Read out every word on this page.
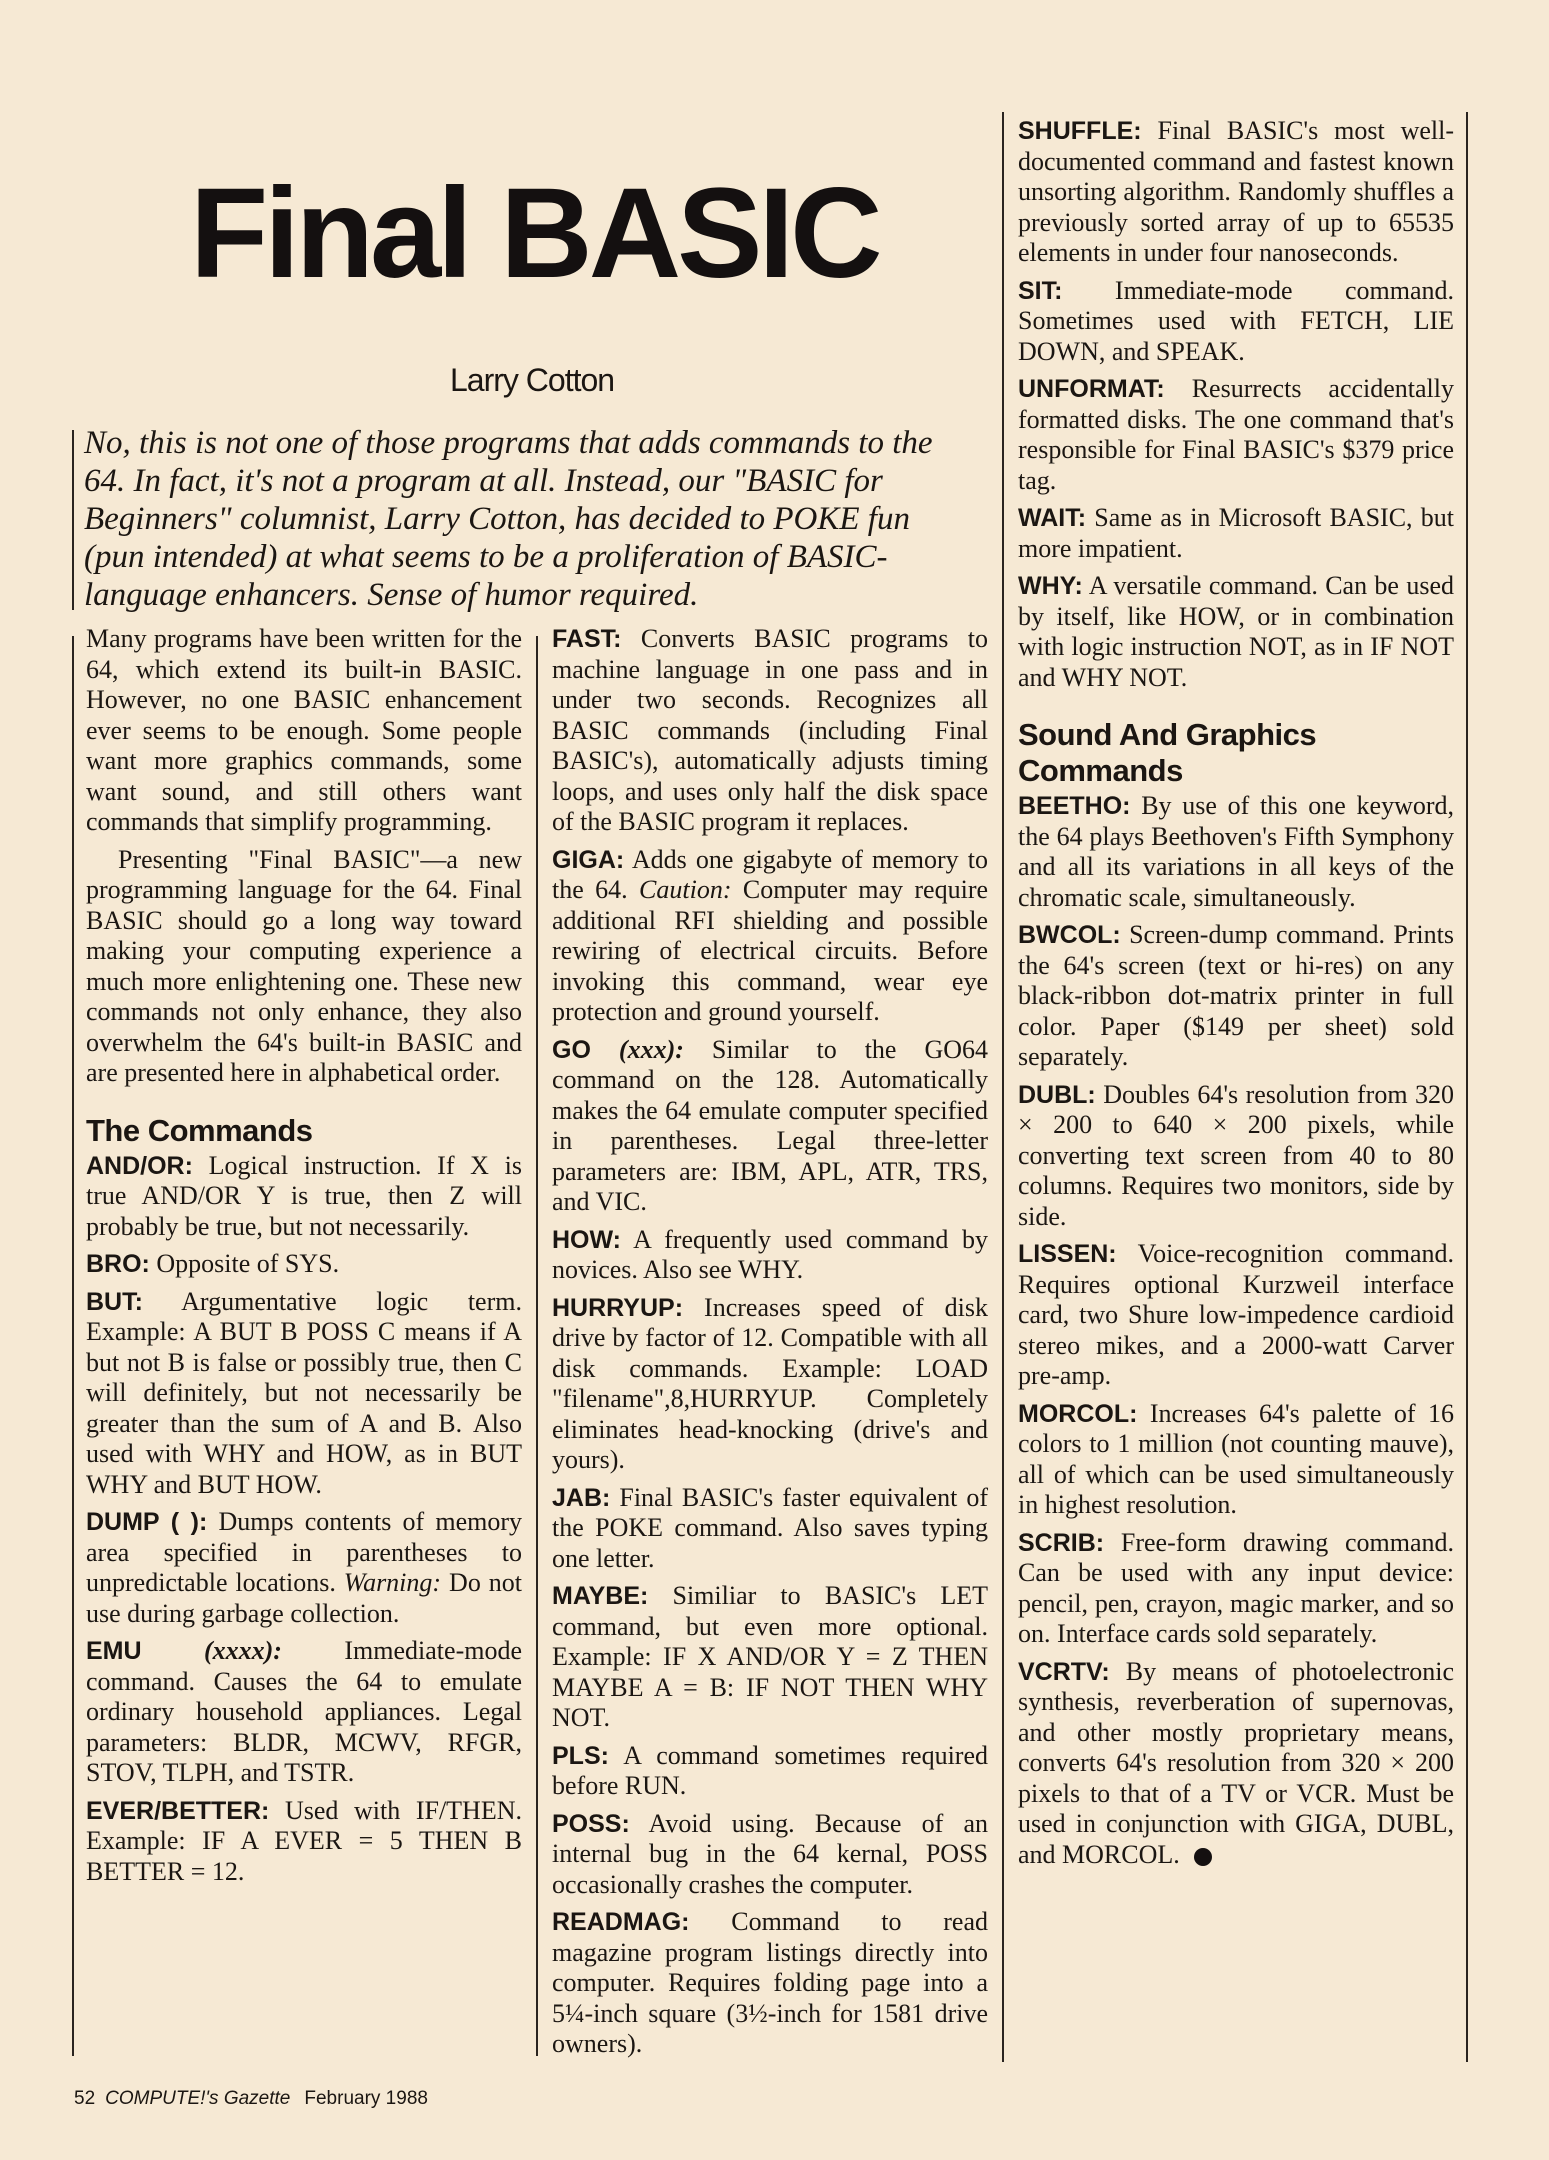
Final BASIC
Larry Cotton

No, this is not one of those programs that adds commands to the 64. In fact, it's not a program at all. Instead, our "BASIC for Beginners" columnist, Larry Cotton, has decided to POKE fun (pun intended) at what seems to be a proliferation of BASIC-language enhancers. Sense of humor required.

Many programs have been written for the 64, which extend its built-in BASIC. However, no one BASIC enhancement ever seems to be enough. Some people want more graphics commands, some want sound, and still others want commands that simplify programming.

Presenting "Final BASIC"—a new programming language for the 64. Final BASIC should go a long way toward making your computing experience a much more enlightening one. These new commands not only enhance, they also overwhelm the 64's built-in BASIC and are presented here in alphabetical order.

The Commands

AND/OR: Logical instruction. If X is true AND/OR Y is true, then Z will probably be true, but not necessarily.

BRO: Opposite of SYS.

BUT: Argumentative logic term. Example: A BUT B POSS C means if A but not B is false or possibly true, then C will definitely, but not necessarily be greater than the sum of A and B. Also used with WHY and HOW, as in BUT WHY and BUT HOW.

DUMP ( ): Dumps contents of memory area specified in parentheses to unpredictable locations. Warning: Do not use during garbage collection.

EMU (xxxx): Immediate-mode command. Causes the 64 to emulate ordinary household appliances. Legal parameters: BLDR, MCWV, RFGR, STOV, TLPH, and TSTR.

EVER/BETTER: Used with IF/THEN. Example: IF A EVER = 5 THEN B BETTER = 12.

FAST: Converts BASIC programs to machine language in one pass and in under two seconds. Recognizes all BASIC commands (including Final BASIC's), automatically adjusts timing loops, and uses only half the disk space of the BASIC program it replaces.

GIGA: Adds one gigabyte of memory to the 64. Caution: Computer may require additional RFI shielding and possible rewiring of electrical circuits. Before invoking this command, wear eye protection and ground yourself.

GO (xxx): Similar to the GO64 command on the 128. Automatically makes the 64 emulate computer specified in parentheses. Legal three-letter parameters are: IBM, APL, ATR, TRS, and VIC.

HOW: A frequently used command by novices. Also see WHY.

HURRYUP: Increases speed of disk drive by factor of 12. Compatible with all disk commands. Example: LOAD "filename",8,HURRYUP. Completely eliminates head-knocking (drive's and yours).

JAB: Final BASIC's faster equivalent of the POKE command. Also saves typing one letter.

MAYBE: Similiar to BASIC's LET command, but even more optional. Example: IF X AND/OR Y = Z THEN MAYBE A = B: IF NOT THEN WHY NOT.

PLS: A command sometimes required before RUN.

POSS: Avoid using. Because of an internal bug in the 64 kernal, POSS occasionally crashes the computer.

READMAG: Command to read magazine program listings directly into computer. Requires folding page into a 5¼-inch square (3½-inch for 1581 drive owners).

SHUFFLE: Final BASIC's most well-documented command and fastest known unsorting algorithm. Randomly shuffles a previously sorted array of up to 65535 elements in under four nanoseconds.

SIT: Immediate-mode command. Sometimes used with FETCH, LIE DOWN, and SPEAK.

UNFORMAT: Resurrects accidentally formatted disks. The one command that's responsible for Final BASIC's $379 price tag.

WAIT: Same as in Microsoft BASIC, but more impatient.

WHY: A versatile command. Can be used by itself, like HOW, or in combination with logic instruction NOT, as in IF NOT and WHY NOT.

Sound And Graphics Commands

BEETHO: By use of this one keyword, the 64 plays Beethoven's Fifth Symphony and all its variations in all keys of the chromatic scale, simultaneously.

BWCOL: Screen-dump command. Prints the 64's screen (text or hi-res) on any black-ribbon dot-matrix printer in full color. Paper ($149 per sheet) sold separately.

DUBL: Doubles 64's resolution from 320 × 200 to 640 × 200 pixels, while converting text screen from 40 to 80 columns. Requires two monitors, side by side.

LISSEN: Voice-recognition command. Requires optional Kurzweil interface card, two Shure low-impedence cardioid stereo mikes, and a 2000-watt Carver pre-amp.

MORCOL: Increases 64's palette of 16 colors to 1 million (not counting mauve), all of which can be used simultaneously in highest resolution.

SCRIB: Free-form drawing command. Can be used with any input device: pencil, pen, crayon, magic marker, and so on. Interface cards sold separately.

VCRTV: By means of photoelectronic synthesis, reverberation of supernovas, and other mostly proprietary means, converts 64's resolution from 320 × 200 pixels to that of a TV or VCR. Must be used in conjunction with GIGA, DUBL, and MORCOL.

52 COMPUTE!'s Gazette February 1988
